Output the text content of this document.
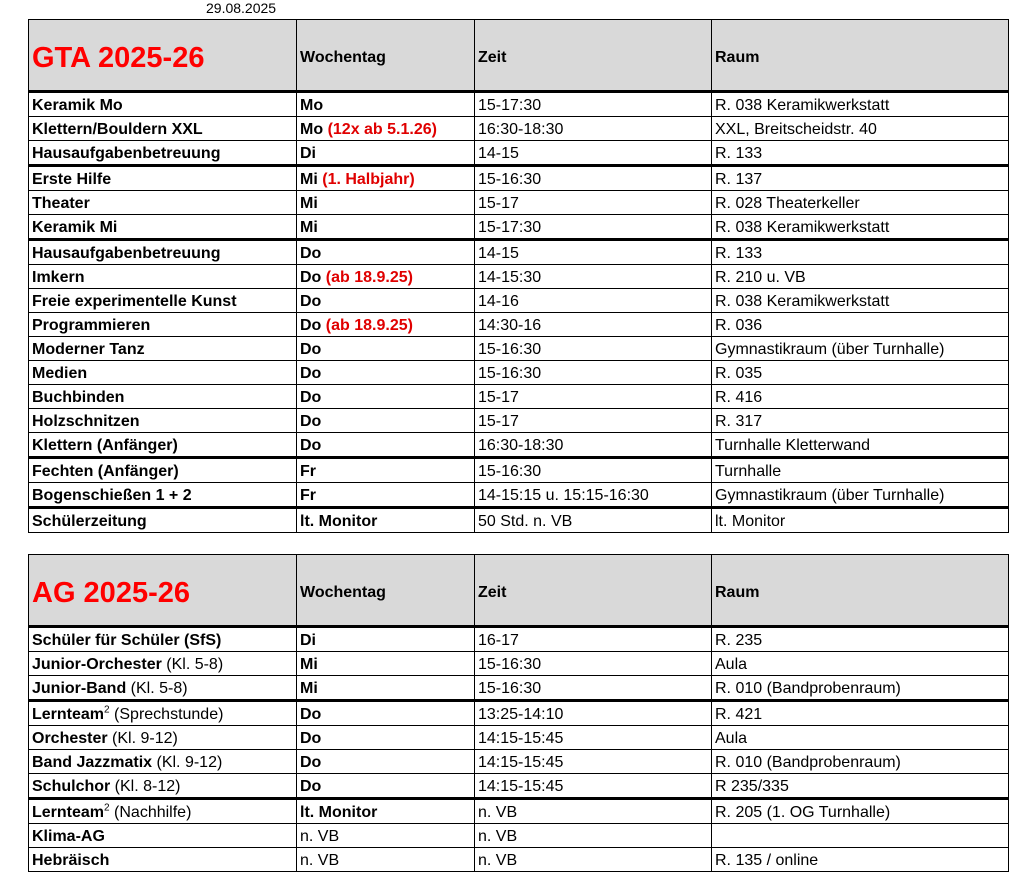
29.08.2025
GTA 2025-26	Wochentag	Zeit	Raum
Keramik Mo	Mo	15-17:30	R. 038 Keramikwerkstatt
Klettern/Bouldern XXL	Mo (12x ab 5.1.26)	16:30-18:30	XXL, Breitscheidstr. 40
Hausaufgabenbetreuung	Di	14-15	R. 133
Erste Hilfe	Mi (1. Halbjahr)	15-16:30	R. 137
Theater	Mi	15-17	R. 028 Theaterkeller
Keramik Mi	Mi	15-17:30	R. 038 Keramikwerkstatt
Hausaufgabenbetreuung	Do	14-15	R. 133
Imkern	Do (ab 18.9.25)	14-15:30	R. 210 u. VB
Freie experimentelle Kunst	Do	14-16	R. 038 Keramikwerkstatt
Programmieren	Do (ab 18.9.25)	14:30-16	R. 036
Moderner Tanz	Do	15-16:30	Gymnastikraum (über Turnhalle)
Medien	Do	15-16:30	R. 035
Buchbinden	Do	15-17	R. 416
Holzschnitzen	Do	15-17	R. 317
Klettern (Anfänger)	Do	16:30-18:30	Turnhalle Kletterwand
Fechten (Anfänger)	Fr	15-16:30	Turnhalle
Bogenschießen 1 + 2	Fr	14-15:15 u. 15:15-16:30	Gymnastikraum (über Turnhalle)
Schülerzeitung	lt. Monitor	50 Std. n. VB	lt. Monitor
AG 2025-26	Wochentag	Zeit	Raum
Schüler für Schüler (SfS)	Di	16-17	R. 235
Junior-Orchester (Kl. 5-8)	Mi	15-16:30	Aula
Junior-Band (Kl. 5-8)	Mi	15-16:30	R. 010 (Bandprobenraum)
Lernteam$^2$ (Sprechstunde)	Do	13:25-14:10	R. 421
Orchester (Kl. 9-12)	Do	14:15-15:45	Aula
Band Jazzmatix (Kl. 9-12)	Do	14:15-15:45	R. 010 (Bandprobenraum)
Schulchor (Kl. 8-12)	Do	14:15-15:45	R 235/335
Lernteam$^2$ (Nachhilfe)	lt. Monitor	n. VB	R. 205 (1. OG Turnhalle)
Klima-AG	n. VB	n. VB	
Hebräisch	n. VB	n. VB	R. 135 / online
